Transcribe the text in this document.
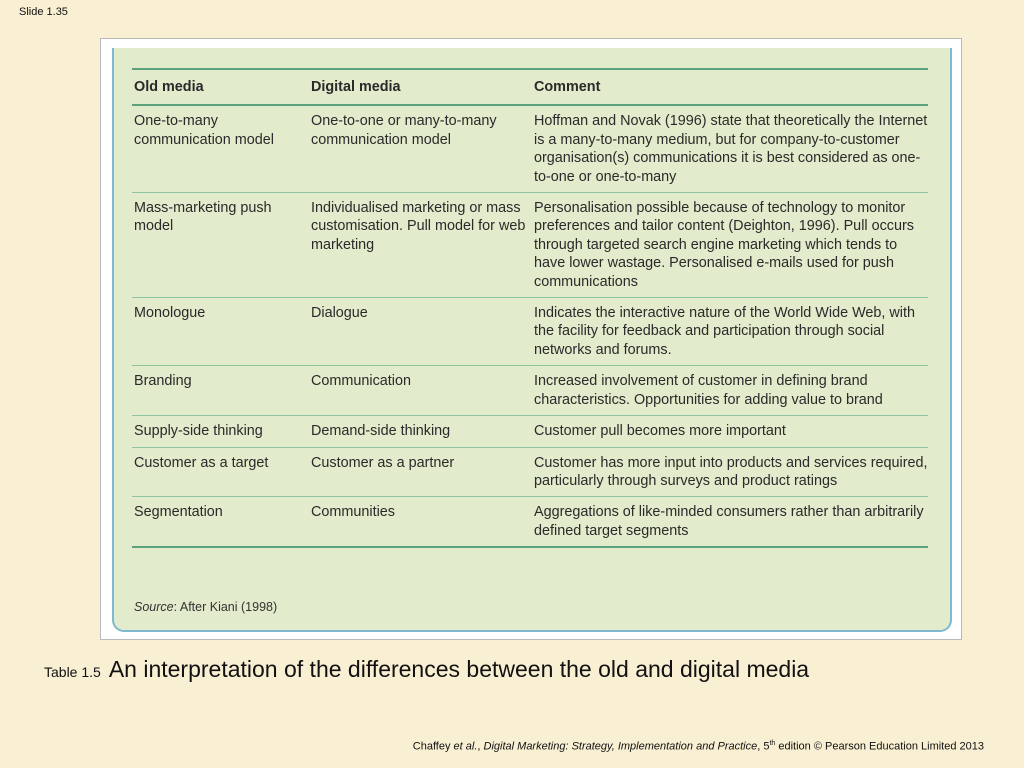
Slide 1.35
Old media	Digital media	Comment
One-to-many communication model	One-to-one or many-to-many communication model	Hoffman and Novak (1996) state that theoretically the Internet is a many-to-many medium, but for company-to-customer organisation(s) communications it is best considered as one-to-one or one-to-many
Mass-marketing push model	Individualised marketing or mass customisation. Pull model for web marketing	Personalisation possible because of technology to monitor preferences and tailor content (Deighton, 1996). Pull occurs through targeted search engine marketing which tends to have lower wastage. Personalised e-mails used for push communications
Monologue	Dialogue	Indicates the interactive nature of the World Wide Web, with the facility for feedback and participation through social networks and forums.
Branding	Communication	Increased involvement of customer in defining brand characteristics. Opportunities for adding value to brand
Supply-side thinking	Demand-side thinking	Customer pull becomes more important
Customer as a target	Customer as a partner	Customer has more input into products and services required, particularly through surveys and product ratings
Segmentation	Communities	Aggregations of like-minded consumers rather than arbitrarily defined target segments
Source: After Kiani (1998)
Table 1.5 An interpretation of the differences between the old and digital media
Chaffey et al., Digital Marketing: Strategy, Implementation and Practice, 5th edition © Pearson Education Limited 2013
